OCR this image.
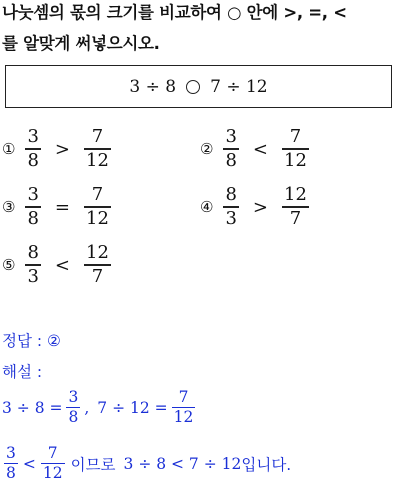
나눗셈의 몫의 크기를 비교하여 ○ 안에 >, =, <
를 알맞게 써넣으시오.
3 ÷ 8 7 ÷ 12
① $\frac{3}{8} > \frac{7}{12}$	② $\frac{3}{8} < \frac{7}{12}$
③ $\frac{3}{8} = \frac{7}{12}$	④ $\frac{8}{3} > \frac{12}{7}$
⑤ $\frac{8}{3} < \frac{12}{7}$
정답 : ②
해설 :
$3 \div 8 = \frac{3}{8}$ , $7 \div 12 = \frac{7}{12}$
$\frac{3}{8} < \frac{7}{12}$ 이므로 3 ÷ 8 < 7 ÷ 12 입니다.
